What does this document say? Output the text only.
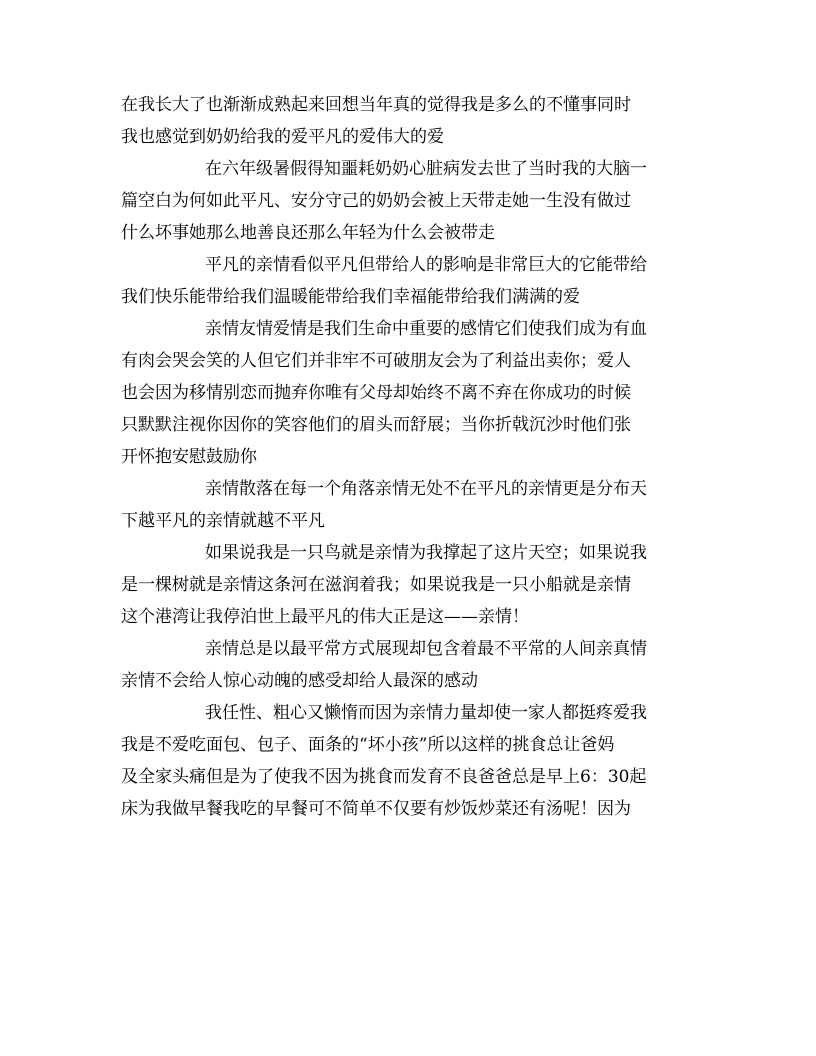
在我长大了也渐渐成熟起来回想当年真的觉得我是多么的不懂事同时
我也感觉到奶奶给我的爱平凡的爱伟大的爱
在六年级暑假得知噩耗奶奶心脏病发去世了当时我的大脑一
篇空白为何如此平凡、安分守己的奶奶会被上天带走她一生没有做过
什么坏事她那么地善良还那么年轻为什么会被带走
平凡的亲情看似平凡但带给人的影响是非常巨大的它能带给
我们快乐能带给我们温暖能带给我们幸福能带给我们满满的爱
亲情友情爱情是我们生命中重要的感情它们使我们成为有血
有肉会哭会笑的人但它们并非牢不可破朋友会为了利益出卖你；爱人
也会因为移情别恋而抛弃你唯有父母却始终不离不弃在你成功的时候
只默默注视你因你的笑容他们的眉头而舒展；当你折戟沉沙时他们张
开怀抱安慰鼓励你
亲情散落在每一个角落亲情无处不在平凡的亲情更是分布天
下越平凡的亲情就越不平凡
如果说我是一只鸟就是亲情为我撑起了这片天空；如果说我
是一棵树就是亲情这条河在滋润着我；如果说我是一只小船就是亲情
这个港湾让我停泊世上最平凡的伟大正是这——亲情！
亲情总是以最平常方式展现却包含着最不平常的人间亲真情
亲情不会给人惊心动魄的感受却给人最深的感动
我任性、粗心又懒惰而因为亲情力量却使一家人都挺疼爱我
我是不爱吃面包、包子、面条的“坏小孩”所以这样的挑食总让爸妈
及全家头痛但是为了使我不因为挑食而发育不良爸爸总是早上6：30起
床为我做早餐我吃的早餐可不简单不仅要有炒饭炒菜还有汤呢！因为
